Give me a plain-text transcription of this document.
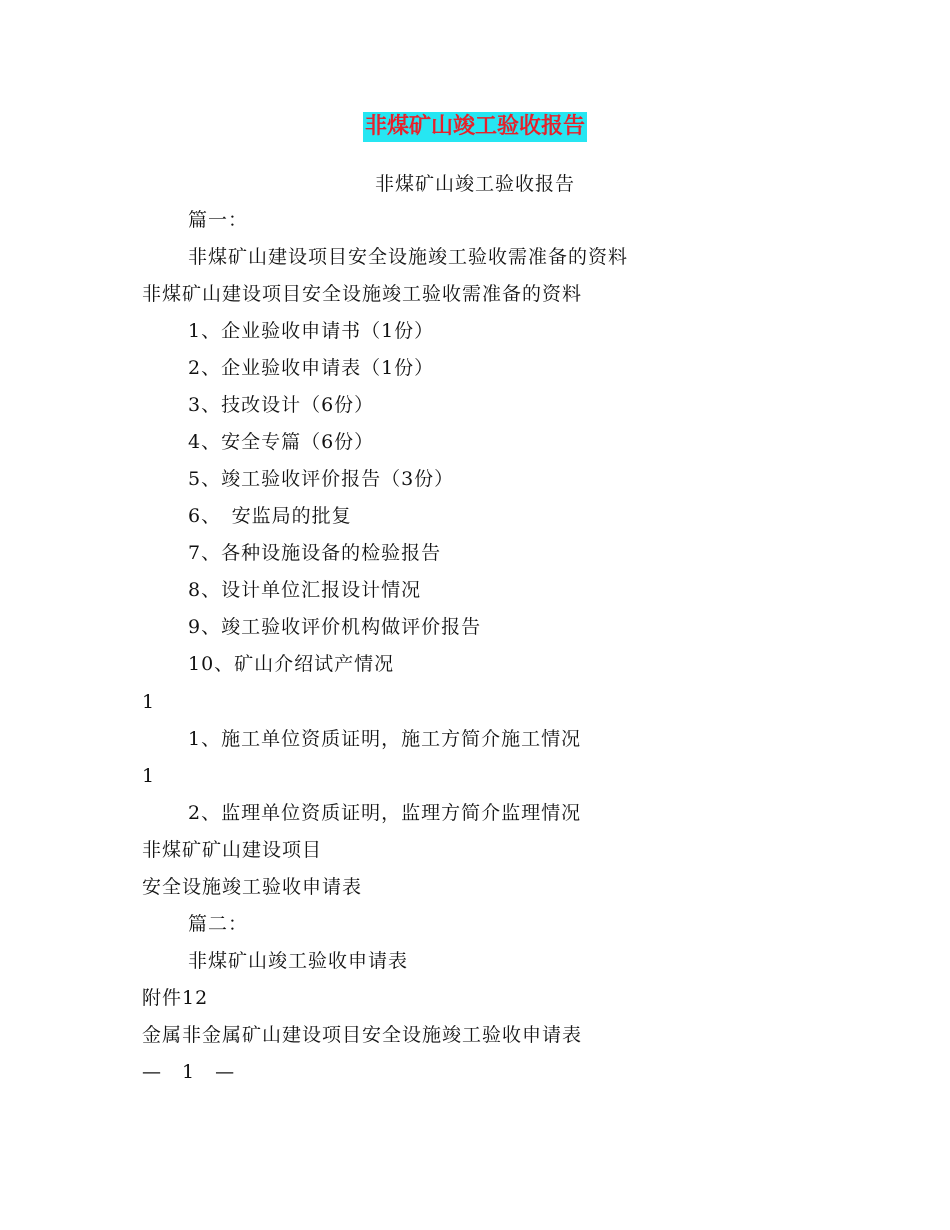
非煤矿山竣工验收报告
非煤矿山竣工验收报告
篇一：
非煤矿山建设项目安全设施竣工验收需准备的资料
非煤矿山建设项目安全设施竣工验收需准备的资料
1、企业验收申请书（1份）
2、企业验收申请表（1份）
3、技改设计（6份）
4、安全专篇（6份）
5、竣工验收评价报告（3份）
6、　安监局的批复
7、各种设施设备的检验报告
8、设计单位汇报设计情况
9、竣工验收评价机构做评价报告
10、矿山介绍试产情况
1
1、施工单位资质证明，施工方简介施工情况
1
2、监理单位资质证明，监理方简介监理情况
非煤矿矿山建设项目
安全设施竣工验收申请表
篇二：
非煤矿山竣工验收申请表
附件12
金属非金属矿山建设项目安全设施竣工验收申请表
—　1　—
